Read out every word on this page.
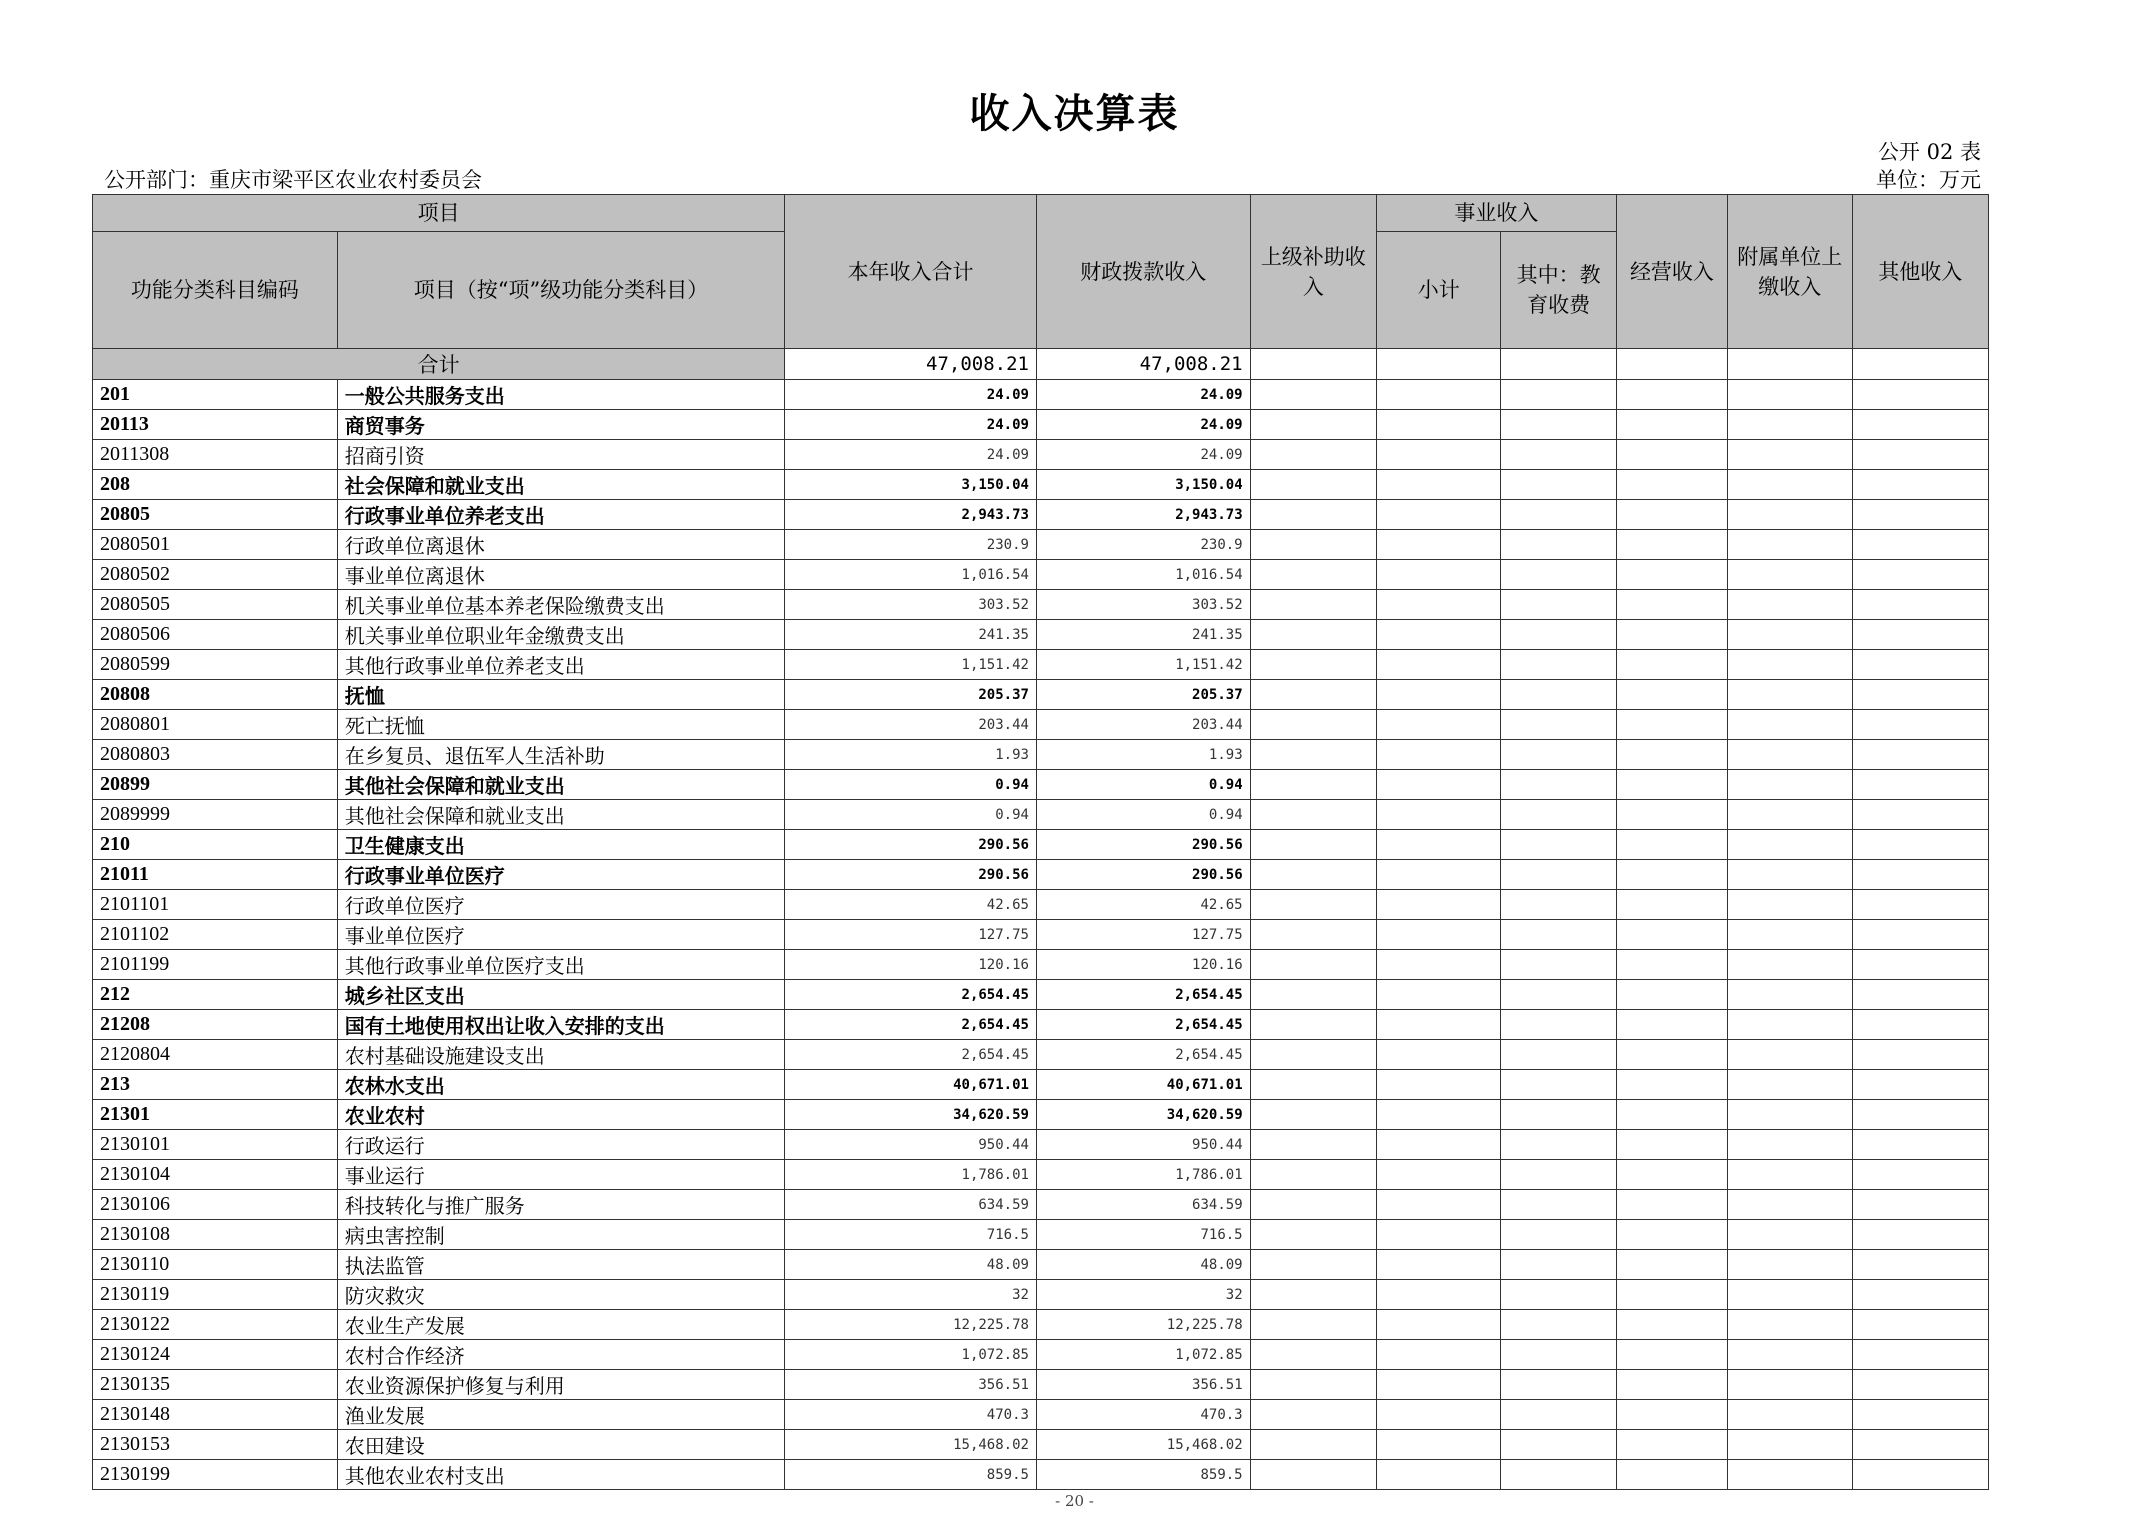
收入决算表
公开 02 表
公开部门：重庆市梁平区农业农村委员会	单位：万元
项目		本年收入合计	财政拨款收入	上级补助收入	事业收入		经营收入	附属单位上缴收入	其他收入
功能分类科目编码	项目（按“项”级功能分类科目）				小计	其中：教育收费			
合计		47,008.21	47,008.21						
201	一般公共服务支出	24.09	24.09						
20113	商贸事务	24.09	24.09						
2011308	招商引资	24.09	24.09						
208	社会保障和就业支出	3,150.04	3,150.04						
20805	行政事业单位养老支出	2,943.73	2,943.73						
2080501	行政单位离退休	230.9	230.9						
2080502	事业单位离退休	1,016.54	1,016.54						
2080505	机关事业单位基本养老保险缴费支出	303.52	303.52						
2080506	机关事业单位职业年金缴费支出	241.35	241.35						
2080599	其他行政事业单位养老支出	1,151.42	1,151.42						
20808	抚恤	205.37	205.37						
2080801	死亡抚恤	203.44	203.44						
2080803	在乡复员、退伍军人生活补助	1.93	1.93						
20899	其他社会保障和就业支出	0.94	0.94						
2089999	其他社会保障和就业支出	0.94	0.94						
210	卫生健康支出	290.56	290.56						
21011	行政事业单位医疗	290.56	290.56						
2101101	行政单位医疗	42.65	42.65						
2101102	事业单位医疗	127.75	127.75						
2101199	其他行政事业单位医疗支出	120.16	120.16						
212	城乡社区支出	2,654.45	2,654.45						
21208	国有土地使用权出让收入安排的支出	2,654.45	2,654.45						
2120804	农村基础设施建设支出	2,654.45	2,654.45						
213	农林水支出	40,671.01	40,671.01						
21301	农业农村	34,620.59	34,620.59						
2130101	行政运行	950.44	950.44						
2130104	事业运行	1,786.01	1,786.01						
2130106	科技转化与推广服务	634.59	634.59						
2130108	病虫害控制	716.5	716.5						
2130110	执法监管	48.09	48.09						
2130119	防灾救灾	32	32						
2130122	农业生产发展	12,225.78	12,225.78						
2130124	农村合作经济	1,072.85	1,072.85						
2130135	农业资源保护修复与利用	356.51	356.51						
2130148	渔业发展	470.3	470.3						
2130153	农田建设	15,468.02	15,468.02						
2130199	其他农业农村支出	859.5	859.5						
- 20 -
